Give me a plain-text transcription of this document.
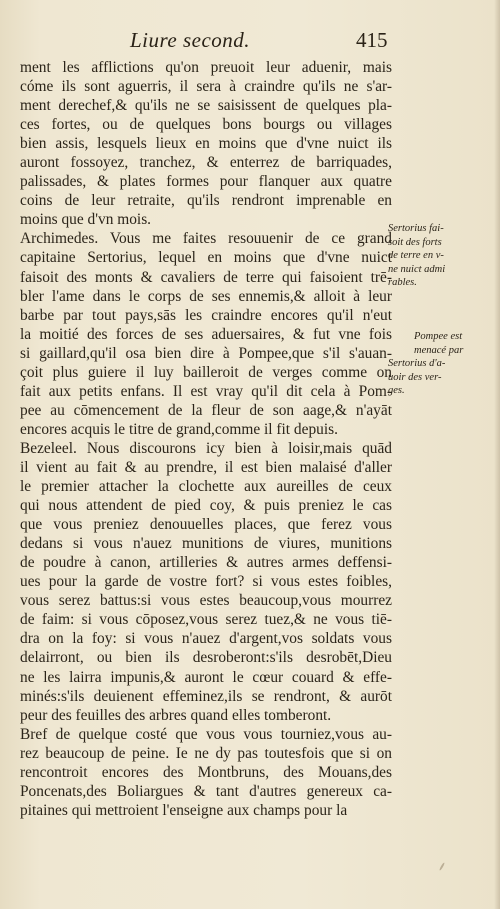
Liure second.	415
ment les afflictions qu'on preuoit leur aduenir, mais
cóme ils sont aguerris, il sera à craindre qu'ils ne s'ar-
ment derechef,& qu'ils ne se saisissent de quelques pla-
ces fortes, ou de quelques bons bourgs ou villages
bien assis, lesquels lieux en moins que d'vne nuict ils
auront fossoyez, tranchez, & enterrez de barriquades,
palissades, & plates formes pour flanquer aux quatre
coins de leur retraite, qu'ils rendront imprenable en
moins que d'vn mois.
Archimedes. Vous me faites resouuenir de ce grand
capitaine Sertorius, lequel en moins que d'vne nuict
faisoit des monts & cavaliers de terre qui faisoient trē-
bler l'ame dans le corps de ses ennemis,& alloit à leur
barbe par tout pays,sās les craindre encores qu'il n'eut
la moitié des forces de ses aduersaires, & fut vne fois
si gaillard,qu'il osa bien dire à Pompee,que s'il s'auan-
çoit plus guiere il luy bailleroit de verges comme on
fait aux petits enfans. Il est vray qu'il dit cela à Pom-
pee au cōmencement de la fleur de son aage,& n'ayāt
encores acquis le titre de grand,comme il fit depuis.
Bezeleel. Nous discourons icy bien à loisir,mais quād
il vient au fait & au prendre, il est bien malaisé d'aller
le premier attacher la clochette aux aureilles de ceux
qui nous attendent de pied coy, & puis preniez le cas
que vous preniez denouuelles places, que ferez vous
dedans si vous n'auez munitions de viures, munitions
de poudre à canon, artilleries & autres armes deffensi-
ues pour la garde de vostre fort? si vous estes foibles,
vous serez battus:si vous estes beaucoup,vous mourrez
de faim: si vous cōposez,vous serez tuez,& ne vous tiē-
dra on la foy: si vous n'auez d'argent,vos soldats vous
delairront, ou bien ils desroberont:s'ils desrobēt,Dieu
ne les lairra impunis,& auront le cœur couard & effe-
minés:s'ils deuienent effeminez,ils se rendront, & aurōt
peur des feuilles des arbres quand elles tomberont.
Bref de quelque costé que vous vous tourniez,vous au-
rez beaucoup de peine. Ie ne dy pas toutesfois que si on
rencontroit encores des Montbruns, des Mouans,des
Poncenats,des Boliargues & tant d'autres genereux ca-
pitaines qui mettroient l'enseigne aux champs pour la
Sertorius fai-
soit des forts
de terre en v-
ne nuict admi
rables.
Pompee est
menacé par
Sertorius d'a-
uoir des ver-
ges.
